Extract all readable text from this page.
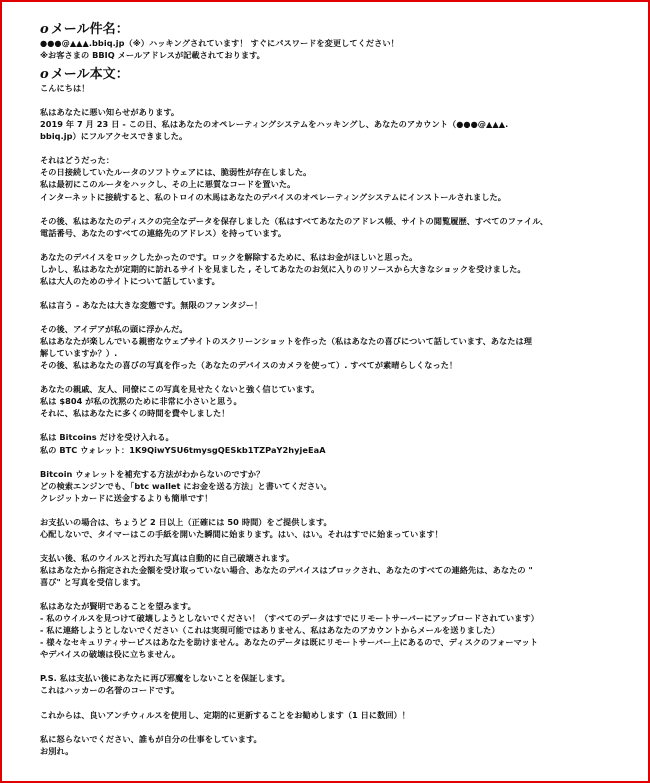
o メール件名：
●●●@▲▲▲.bbiq.jp（※）ハッキングされています！ すぐにパスワードを変更してください！
※お客さまの BBIQ メールアドレスが記載されております。
o メール本文：
こんにちは！
私はあなたに悪い知らせがあります。
2019 年 7 月 23 日 - この日、私はあなたのオペレーティングシステムをハッキングし、あなたのアカウント（●●●@▲▲▲.
bbiq.jp）にフルアクセスできました。
それはどうだった：
その日接続していたルータのソフトウェアには、脆弱性が存在しました。
私は最初にこのルータをハックし、その上に悪質なコードを置いた。
インターネットに接続すると、私のトロイの木馬はあなたのデバイスのオペレーティングシステムにインストールされました。
その後、私はあなたのディスクの完全なデータを保存しました（私はすべてあなたのアドレス帳、サイトの閲覧履歴、すべてのファイル、
電話番号、あなたのすべての連絡先のアドレス）を持っています。
あなたのデバイスをロックしたかったのです。ロックを解除するために、私はお金がほしいと思った。
しかし、私はあなたが定期的に訪れるサイトを見ました , そしてあなたのお気に入りのリソースから大きなショックを受けました。
私は大人のためのサイトについて話しています。
私は言う - あなたは大きな変態です。無限のファンタジー！
その後、アイデアが私の頭に浮かんだ。
私はあなたが楽しんでいる親密なウェブサイトのスクリーンショットを作った（私はあなたの喜びについて話しています、あなたは理
解していますか？）.
その後、私はあなたの喜びの写真を作った（あなたのデバイスのカメラを使って）. すべてが素晴らしくなった！
あなたの親戚、友人、同僚にこの写真を見せたくないと強く信じています。
私は $804 が私の沈黙のために非常に小さいと思う。
それに、私はあなたに多くの時間を費やしました！
私は Bitcoins だけを受け入れる。
私の BTC ウォレット：1K9QiwYSU6tmysgQESkb1TZPaY2hyjeEaA
Bitcoin ウォレットを補充する方法がわからないのですか？
どの検索エンジンでも、「btc wallet にお金を送る方法」と書いてください。
クレジットカードに送金するよりも簡単です！
お支払いの場合は、ちょうど 2 日以上（正確には 50 時間）をご提供します。
心配しないで、タイマーはこの手紙を開いた瞬間に始まります。はい、はい。それはすでに始まっています！
支払い後、私のウイルスと汚れた写真は自動的に自己破壊されます。
私はあなたから指定された金額を受け取っていない場合、あなたのデバイスはブロックされ、あなたのすべての連絡先は、あなたの "
喜び" と写真を受信します。
私はあなたが賢明であることを望みます。
- 私のウイルスを見つけて破壊しようとしないでください！（すべてのデータはすでにリモートサーバーにアップロードされています）
- 私に連絡しようとしないでください（これは実現可能ではありません、私はあなたのアカウントからメールを送りました）
- 様々なセキュリティサービスはあなたを助けません。あなたのデータは既にリモートサーバー上にあるので、ディスクのフォーマット
やデバイスの破壊は役に立ちません。
P.S. 私は支払い後にあなたに再び邪魔をしないことを保証します。
これはハッカーの名誉のコードです。
これからは、良いアンチウィルスを使用し、定期的に更新することをお勧めします（1 日に数回）！
私に怒らないでください、誰もが自分の仕事をしています。
お別れ。
